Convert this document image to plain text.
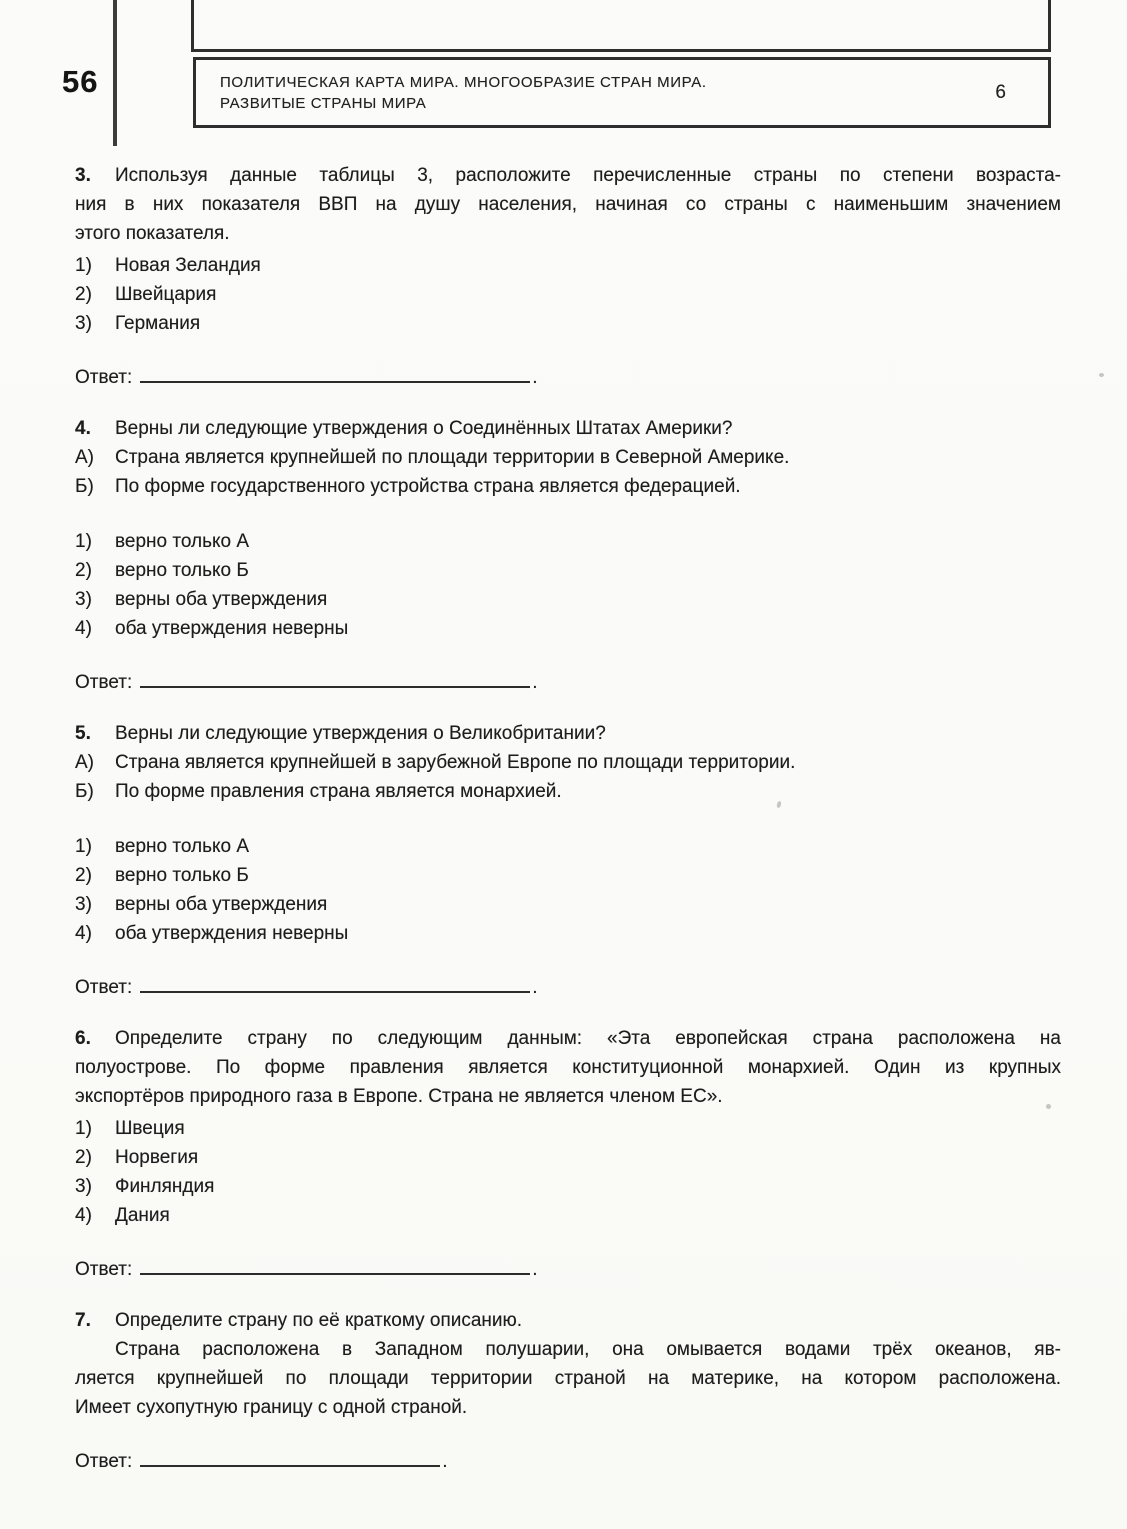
56	ПОЛИТИЧЕСКАЯ КАРТА МИРА. МНОГООБРАЗИЕ СТРАН МИРА.
РАЗВИТЫЕ СТРАНЫ МИРА
6
3.	Используя данные таблицы 3, расположите перечисленные страны по степени возраста-
ния в них показателя ВВП на душу населения, начиная со страны с наименьшим значением
этого показателя.
1)	Новая Зеландия
2)	Швейцария
3)	Германия
Ответ:	.
4.	Верны ли следующие утверждения о Соединённых Штатах Америки?
А)	Страна является крупнейшей по площади территории в Северной Америке.
Б)	По форме государственного устройства страна является федерацией.
1)	верно только А
2)	верно только Б
3)	верны оба утверждения
4)	оба утверждения неверны
Ответ:	.
5.	Верны ли следующие утверждения о Великобритании?
А)	Страна является крупнейшей в зарубежной Европе по площади территории.
Б)	По форме правления страна является монархией.
1)	верно только А
2)	верно только Б
3)	верны оба утверждения
4)	оба утверждения неверны
Ответ:	.
6.	Определите страну по следующим данным: «Эта европейская страна расположена на
полуострове. По форме правления является конституционной монархией. Один из крупных
экспортёров природного газа в Европе. Страна не является членом ЕС».
1)	Швеция
2)	Норвегия
3)	Финляндия
4)	Дания
Ответ:	.
7.	Определите страну по её краткому описанию.
Страна расположена в Западном полушарии, она омывается водами трёх океанов, яв-
ляется крупнейшей по площади территории страной на материке, на котором расположена.
Имеет сухопутную границу с одной страной.
Ответ:	.
